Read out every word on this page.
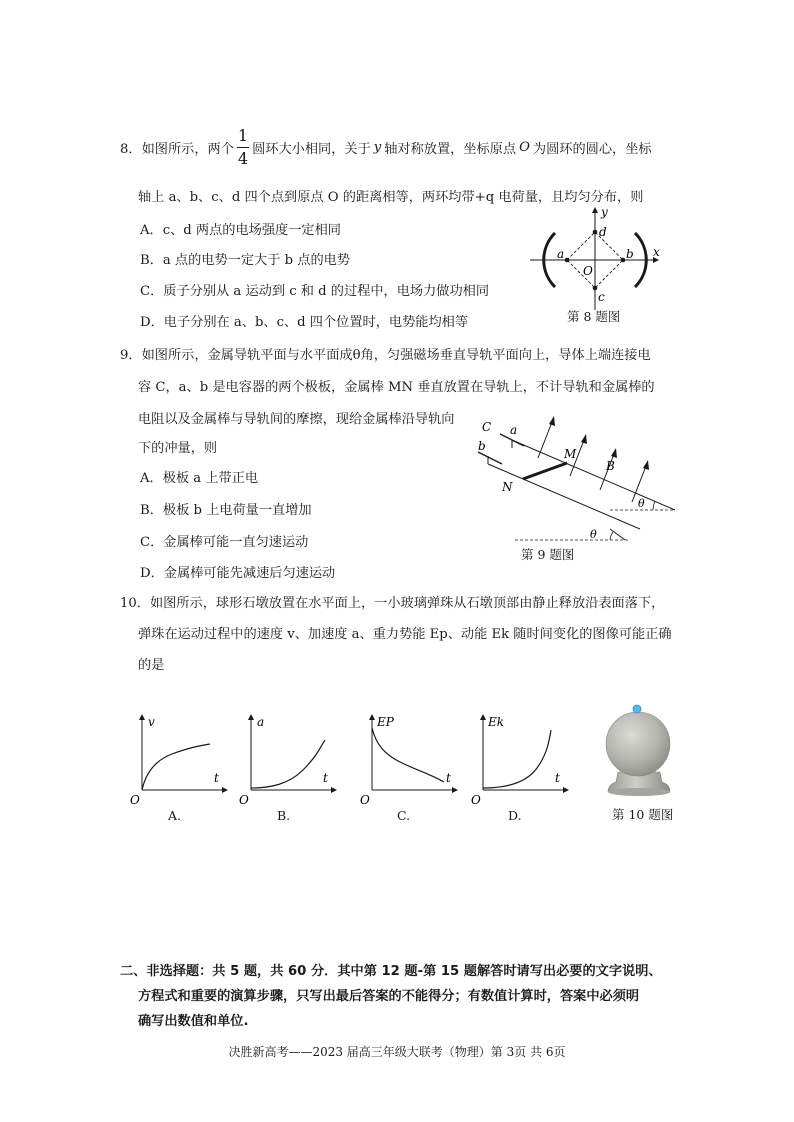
8．如图所示，两个 $\frac{1}{4}$ 圆环大小相同，关于 y 轴对称放置，坐标原点 O 为圆环的圆心，坐标
轴上 a、b、c、d 四个点到原点 O 的距离相等，两环均带+q 电荷量，且均匀分布，则
A．c、d 两点的电场强度一定相同
B．a 点的电势一定大于 b 点的电势
C．质子分别从 a 运动到 c 和 d 的过程中，电场力做功相同
D．电子分别在 a、b、c、d 四个位置时，电势能均相等
y
x
a	b
d
c
O
第 8 题图
9．如图所示，金属导轨平面与水平面成θ角，匀强磁场垂直导轨平面向上，导体上端连接电
容 C，a、b 是电容器的两个极板，金属棒 MN 垂直放置在导轨上，不计导轨和金属棒的
电阻以及金属棒与导轨间的摩擦，现给金属棒沿导轨向
下的冲量，则
A．极板 a 上带正电
B．极板 b 上电荷量一直增加
C．金属棒可能一直匀速运动
D．金属棒可能先减速后匀速运动
C a
b
M
N
B
θ
θ
第 9 题图
10．如图所示，球形石墩放置在水平面上，一小玻璃弹珠从石墩顶部由静止释放沿表面落下，
弹珠在运动过程中的速度 v、加速度 a、重力势能 Ep、动能 Ek 随时间变化的图像可能正确
的是
v
t
O
A.
a
t
O
B.
EP
t
O
C.
Ek
t
O
D.	第 10 题图
二、非选择题：共 5 题，共 60 分．其中第 12 题-第 15 题解答时请写出必要的文字说明、
方程式和重要的演算步骤，只写出最后答案的不能得分；有数值计算时，答案中必须明
确写出数值和单位.
决胜新高考——2023 届高三年级大联考（物理）第 3页 共 6页
